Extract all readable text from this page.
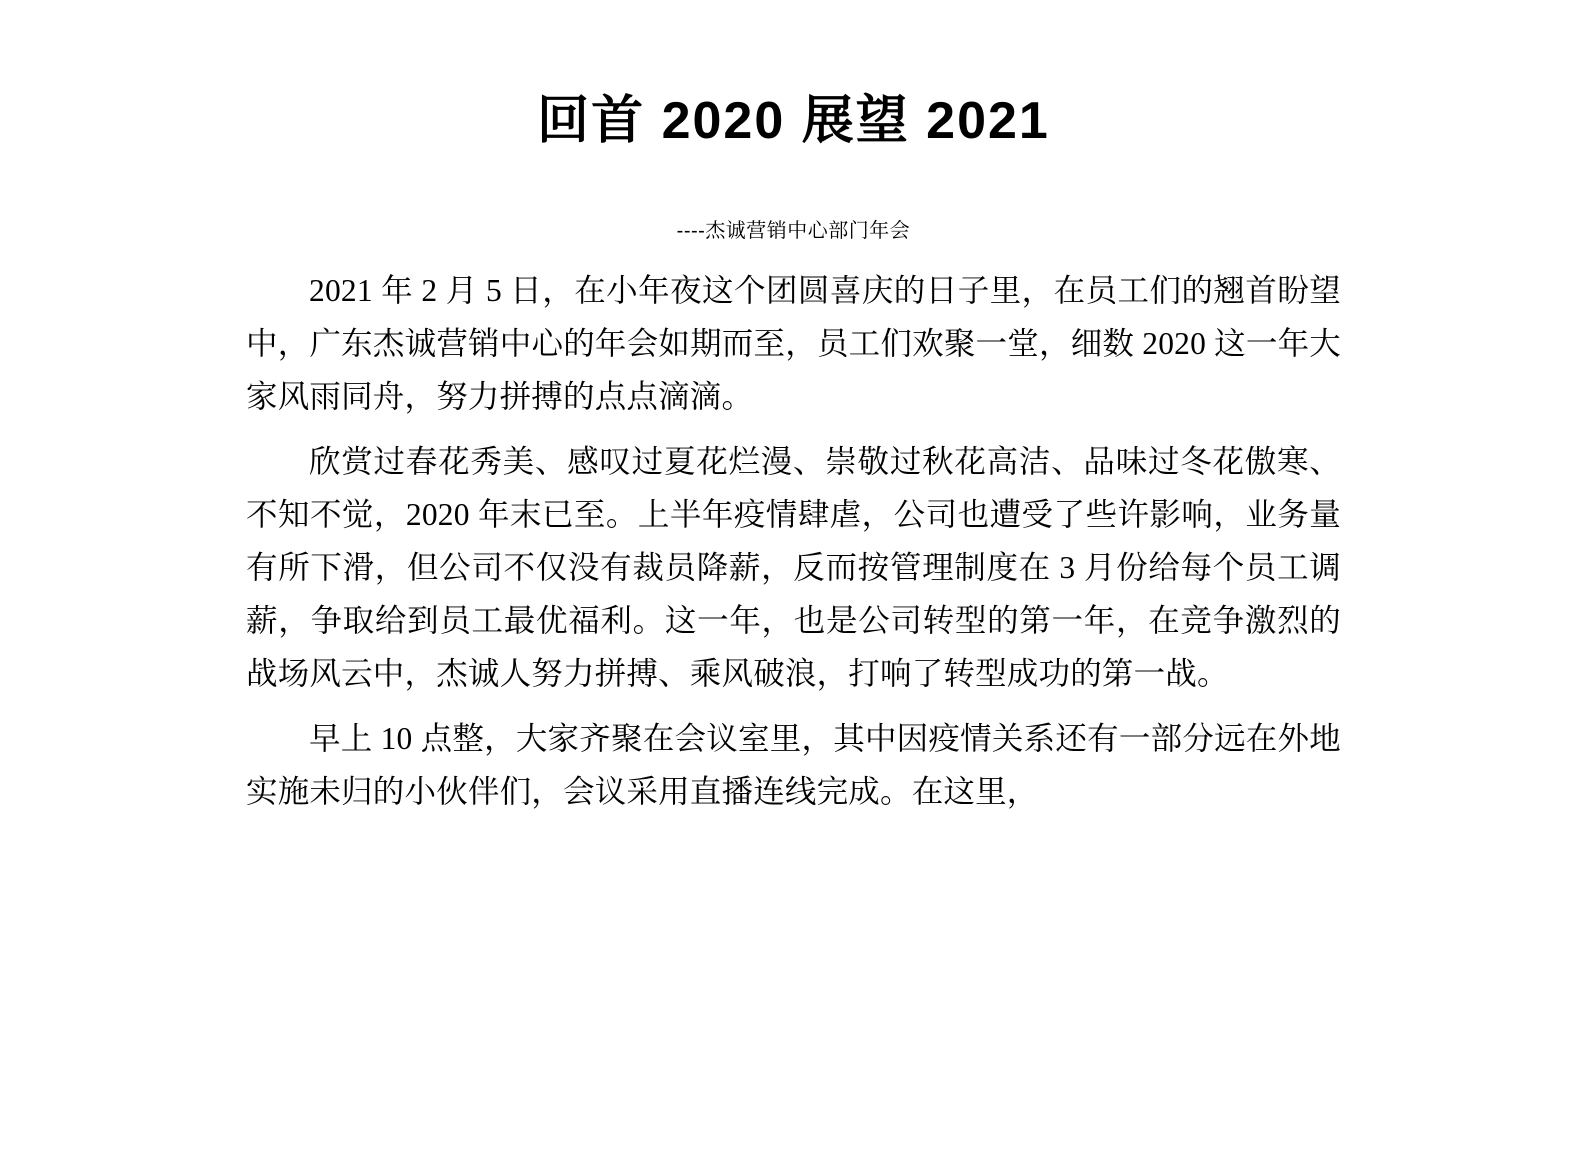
回首 2020 展望 2021
----杰诚营销中心部门年会

2021 年 2 月 5 日，在小年夜这个团圆喜庆的日子里，在员工们的翘首盼望中，广东杰诚营销中心的年会如期而至，员工们欢聚一堂，细数 2020 这一年大家风雨同舟，努力拼搏的点点滴滴。

欣赏过春花秀美、感叹过夏花烂漫、崇敬过秋花高洁、品味过冬花傲寒、不知不觉，2020 年末已至。上半年疫情肆虐，公司也遭受了些许影响，业务量有所下滑，但公司不仅没有裁员降薪，反而按管理制度在 3 月份给每个员工调薪，争取给到员工最优福利。这一年，也是公司转型的第一年，在竞争激烈的战场风云中，杰诚人努力拼搏、乘风破浪，打响了转型成功的第一战。

早上 10 点整，大家齐聚在会议室里，其中因疫情关系还有一部分远在外地实施未归的小伙伴们，会议采用直播连线完成。在这里，
